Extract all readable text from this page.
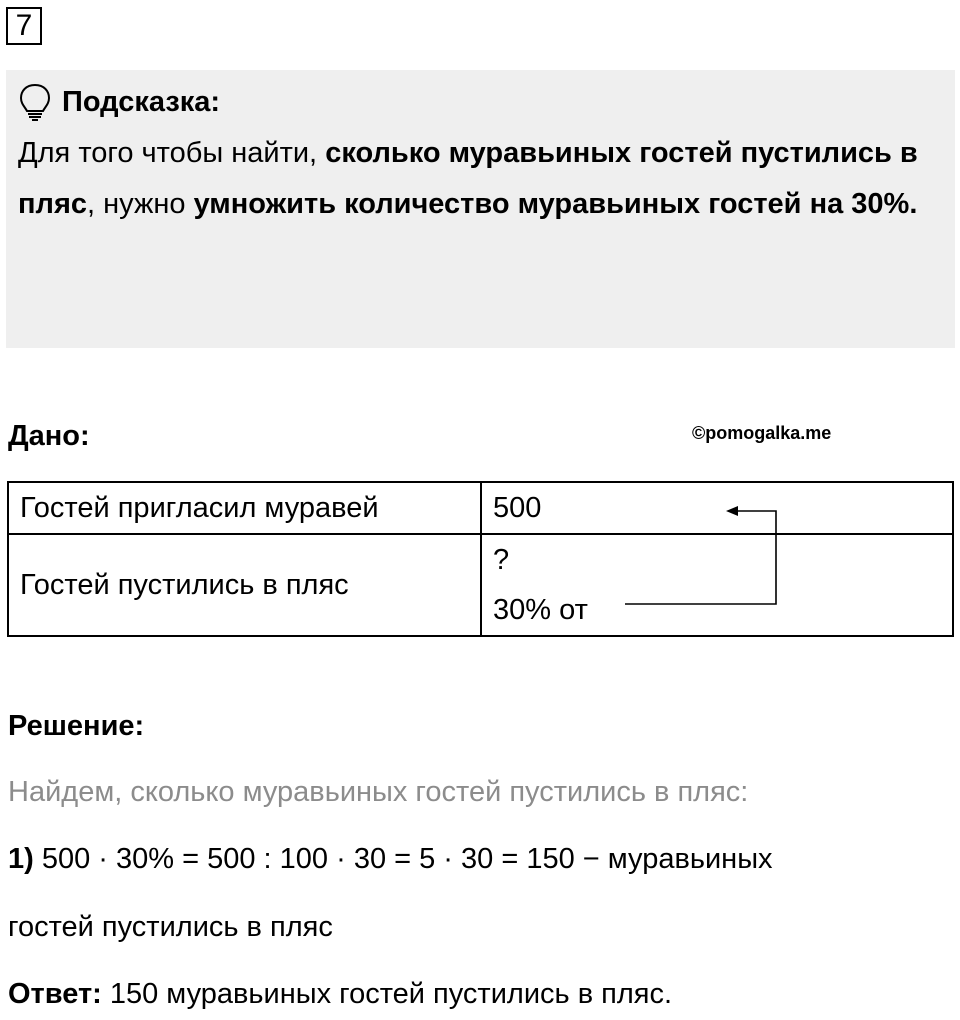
7
Подсказка:
Для того чтобы найти, сколько муравьиных гостей пустились в пляс, нужно умножить количество муравьиных гостей на 30%.
Дано:	©pomogalka.me
Гостей пригласил муравей	500
Гостей пустились в пляс	?
30% от
Решение:
Найдем, сколько муравьиных гостей пустились в пляс:
1) 500 · 30% = 500 : 100 · 30 = 5 · 30 = 150 − муравьиных
гостей пустились в пляс
Ответ: 150 муравьиных гостей пустились в пляс.
